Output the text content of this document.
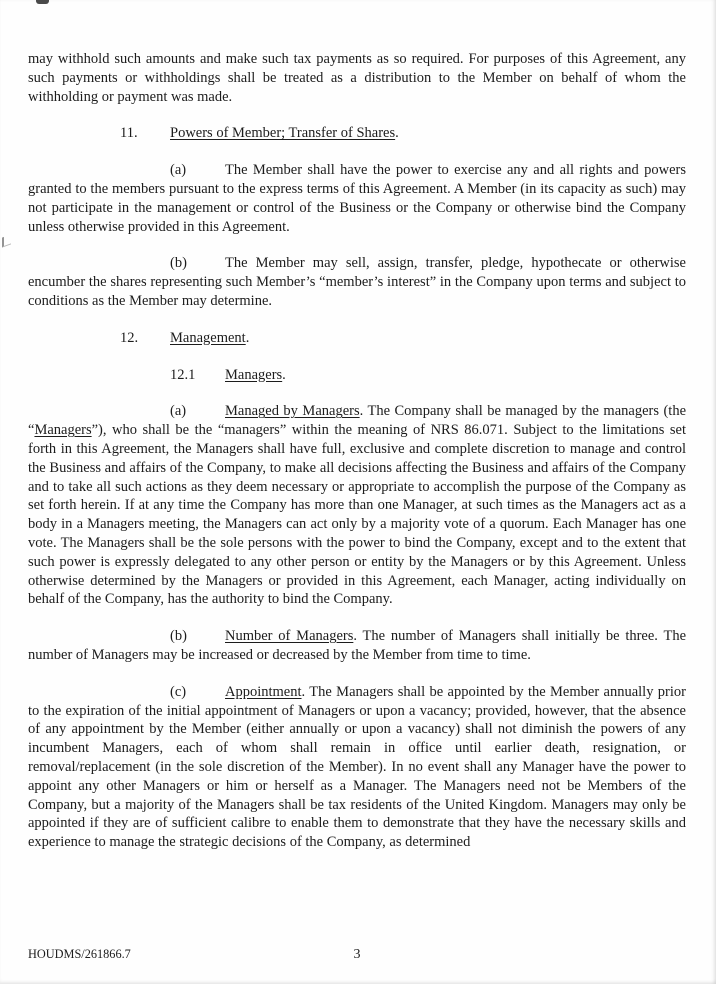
may withhold such amounts and make such tax payments as so required. For purposes of this Agreement, any such payments or withholdings shall be treated as a distribution to the Member on behalf of whom the withholding or payment was made.

11. Powers of Member; Transfer of Shares.

(a)	The Member shall have the power to exercise any and all rights and powers granted to the members pursuant to the express terms of this Agreement. A Member (in its capacity as such) may not participate in the management or control of the Business or the Company or otherwise bind the Company unless otherwise provided in this Agreement.

(b)	The Member may sell, assign, transfer, pledge, hypothecate or otherwise encumber the shares representing such Member’s “member’s interest” in the Company upon terms and subject to conditions as the Member may determine.

12. Management.

12.1 Managers.

(a)	Managed by Managers. The Company shall be managed by the managers (the “Managers”), who shall be the “managers” within the meaning of NRS 86.071. Subject to the limitations set forth in this Agreement, the Managers shall have full, exclusive and complete discretion to manage and control the Business and affairs of the Company, to make all decisions affecting the Business and affairs of the Company and to take all such actions as they deem necessary or appropriate to accomplish the purpose of the Company as set forth herein. If at any time the Company has more than one Manager, at such times as the Managers act as a body in a Managers meeting, the Managers can act only by a majority vote of a quorum. Each Manager has one vote. The Managers shall be the sole persons with the power to bind the Company, except and to the extent that such power is expressly delegated to any other person or entity by the Managers or by this Agreement. Unless otherwise determined by the Managers or provided in this Agreement, each Manager, acting individually on behalf of the Company, has the authority to bind the Company.

(b)	Number of Managers. The number of Managers shall initially be three. The number of Managers may be increased or decreased by the Member from time to time.

(c)	Appointment. The Managers shall be appointed by the Member annually prior to the expiration of the initial appointment of Managers or upon a vacancy; provided, however, that the absence of any appointment by the Member (either annually or upon a vacancy) shall not diminish the powers of any incumbent Managers, each of whom shall remain in office until earlier death, resignation, or removal/replacement (in the sole discretion of the Member). In no event shall any Manager have the power to appoint any other Managers or him or herself as a Manager. The Managers need not be Members of the Company, but a majority of the Managers shall be tax residents of the United Kingdom. Managers may only be appointed if they are of sufficient calibre to enable them to demonstrate that they have the necessary skills and experience to manage the strategic decisions of the Company, as determined

HOUDMS/261866.7	3
